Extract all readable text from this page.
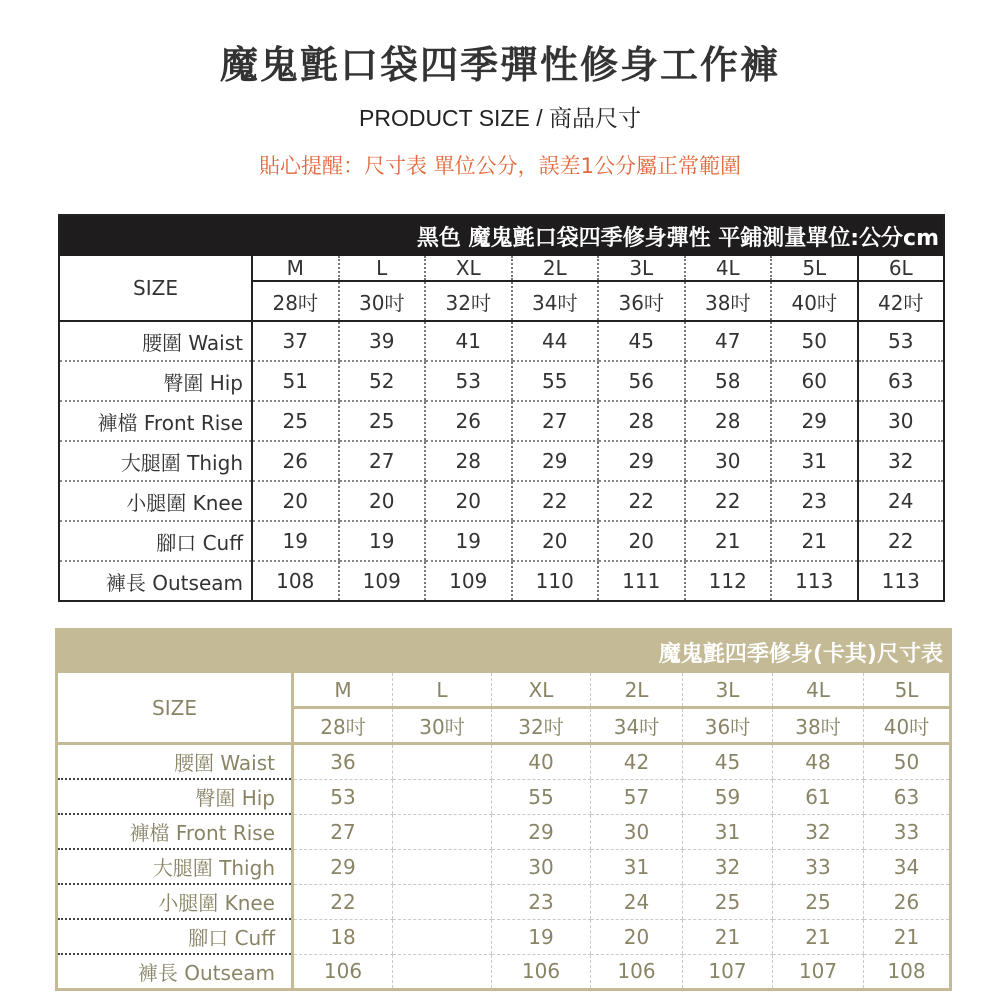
魔鬼氈口袋四季彈性修身工作褲
PRODUCT SIZE / 商品尺寸
貼心提醒：尺寸表 單位公分，誤差1公分屬正常範圍
黑色 魔鬼氈口袋四季修身彈性 平鋪測量單位:公分cm								
SIZE	M	L	XL	2L	3L	4L	5L	6L
	28吋	30吋	32吋	34吋	36吋	38吋	40吋	42吋
腰圍 Waist	37	39	41	44	45	47	50	53
臀圍 Hip	51	52	53	55	56	58	60	63
褲檔 Front Rise	25	25	26	27	28	28	29	30
大腿圍 Thigh	26	27	28	29	29	30	31	32
小腿圍 Knee	20	20	20	22	22	22	23	24
腳口 Cuff	19	19	19	20	20	21	21	22
褲長 Outseam	108	109	109	110	111	112	113	113
魔鬼氈四季修身(卡其)尺寸表							
SIZE	M	L	XL	2L	3L	4L	5L
	28吋	30吋	32吋	34吋	36吋	38吋	40吋
腰圍 Waist	36		40	42	45	48	50
臀圍 Hip	53		55	57	59	61	63
褲檔 Front Rise	27		29	30	31	32	33
大腿圍 Thigh	29		30	31	32	33	34
小腿圍 Knee	22		23	24	25	25	26
腳口 Cuff	18		19	20	21	21	21
褲長 Outseam	106		106	106	107	107	108
